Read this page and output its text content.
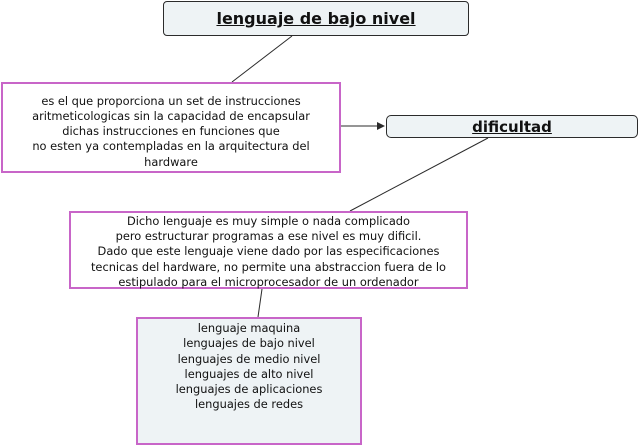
lenguaje de bajo nivel
es el que proporciona un set de instrucciones
aritmeticologicas sin la capacidad de encapsular
dichas instrucciones en funciones que
no esten ya contempladas en la arquitectura del
hardware
dificultad
Dicho lenguaje es muy simple o nada complicado
pero estructurar programas a ese nivel es muy dificil.
Dado que este lenguaje viene dado por las especificaciones
tecnicas del hardware, no permite una abstraccion fuera de lo
estipulado para el microprocesador de un ordenador
lenguaje maquina
lenguajes de bajo nivel
lenguajes de medio nivel
lenguajes de alto nivel
lenguajes de aplicaciones
lenguajes de redes
